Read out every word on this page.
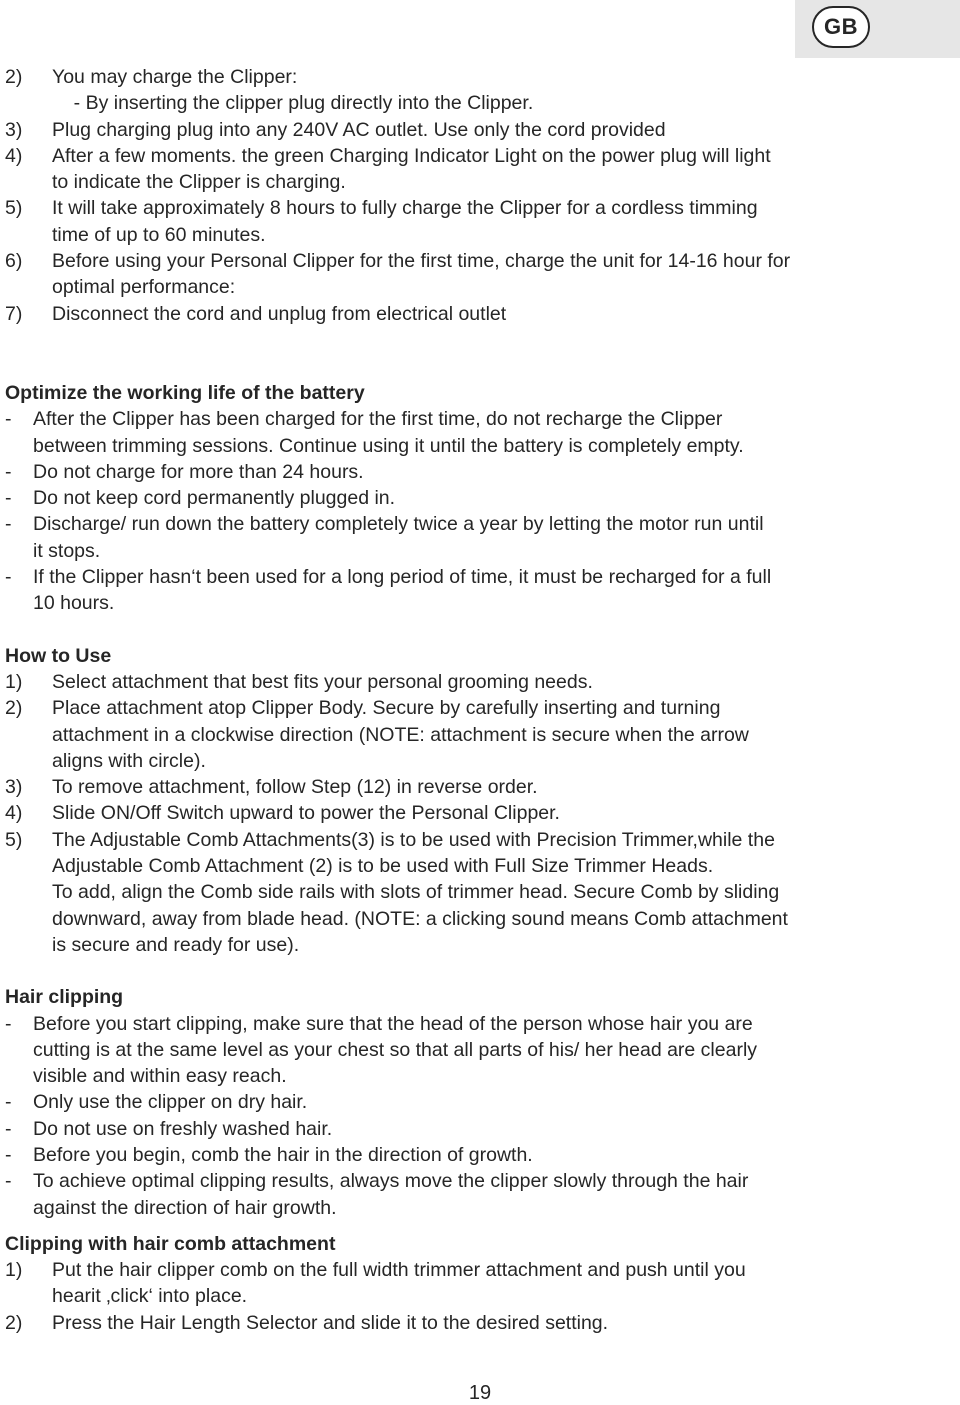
GB
2) You may charge the Clipper:
- By inserting the clipper plug directly into the Clipper.
3) Plug charging plug into any 240V AC outlet. Use only the cord provided
4) After a few moments. the green Charging Indicator Light on the power plug will light
to indicate the Clipper is charging.
5) It will take approximately 8 hours to fully charge the Clipper for a cordless timming
time of up to 60 minutes.
6) Before using your Personal Clipper for the first time, charge the unit for 14-16 hour for
optimal performance:
7) Disconnect the cord and unplug from electrical outlet
Optimize the working life of the battery
- After the Clipper has been charged for the first time, do not recharge the Clipper
between trimming sessions. Continue using it until the battery is completely empty.
- Do not charge for more than 24 hours.
- Do not keep cord permanently plugged in.
- Discharge/ run down the battery completely twice a year by letting the motor run until
it stops.
- If the Clipper hasn‘t been used for a long period of time, it must be recharged for a full
10 hours.
How to Use
1) Select attachment that best fits your personal grooming needs.
2) Place attachment atop Clipper Body. Secure by carefully inserting and turning
attachment in a clockwise direction (NOTE: attachment is secure when the arrow
aligns with circle).
3) To remove attachment, follow Step (12) in reverse order.
4) Slide ON/Off Switch upward to power the Personal Clipper.
5) The Adjustable Comb Attachments(3) is to be used with Precision Trimmer,while the
Adjustable Comb Attachment (2) is to be used with Full Size Trimmer Heads.
To add, align the Comb side rails with slots of trimmer head. Secure Comb by sliding
downward, away from blade head. (NOTE: a clicking sound means Comb attachment
is secure and ready for use).
Hair clipping
- Before you start clipping, make sure that the head of the person whose hair you are
cutting is at the same level as your chest so that all parts of his/ her head are clearly
visible and within easy reach.
- Only use the clipper on dry hair.
- Do not use on freshly washed hair.
- Before you begin, comb the hair in the direction of growth.
- To achieve optimal clipping results, always move the clipper slowly through the hair
against the direction of hair growth.
Clipping with hair comb attachment
1) Put the hair clipper comb on the full width trimmer attachment and push until you
hearit ‚click‘ into place.
2) Press the Hair Length Selector and slide it to the desired setting.
19
